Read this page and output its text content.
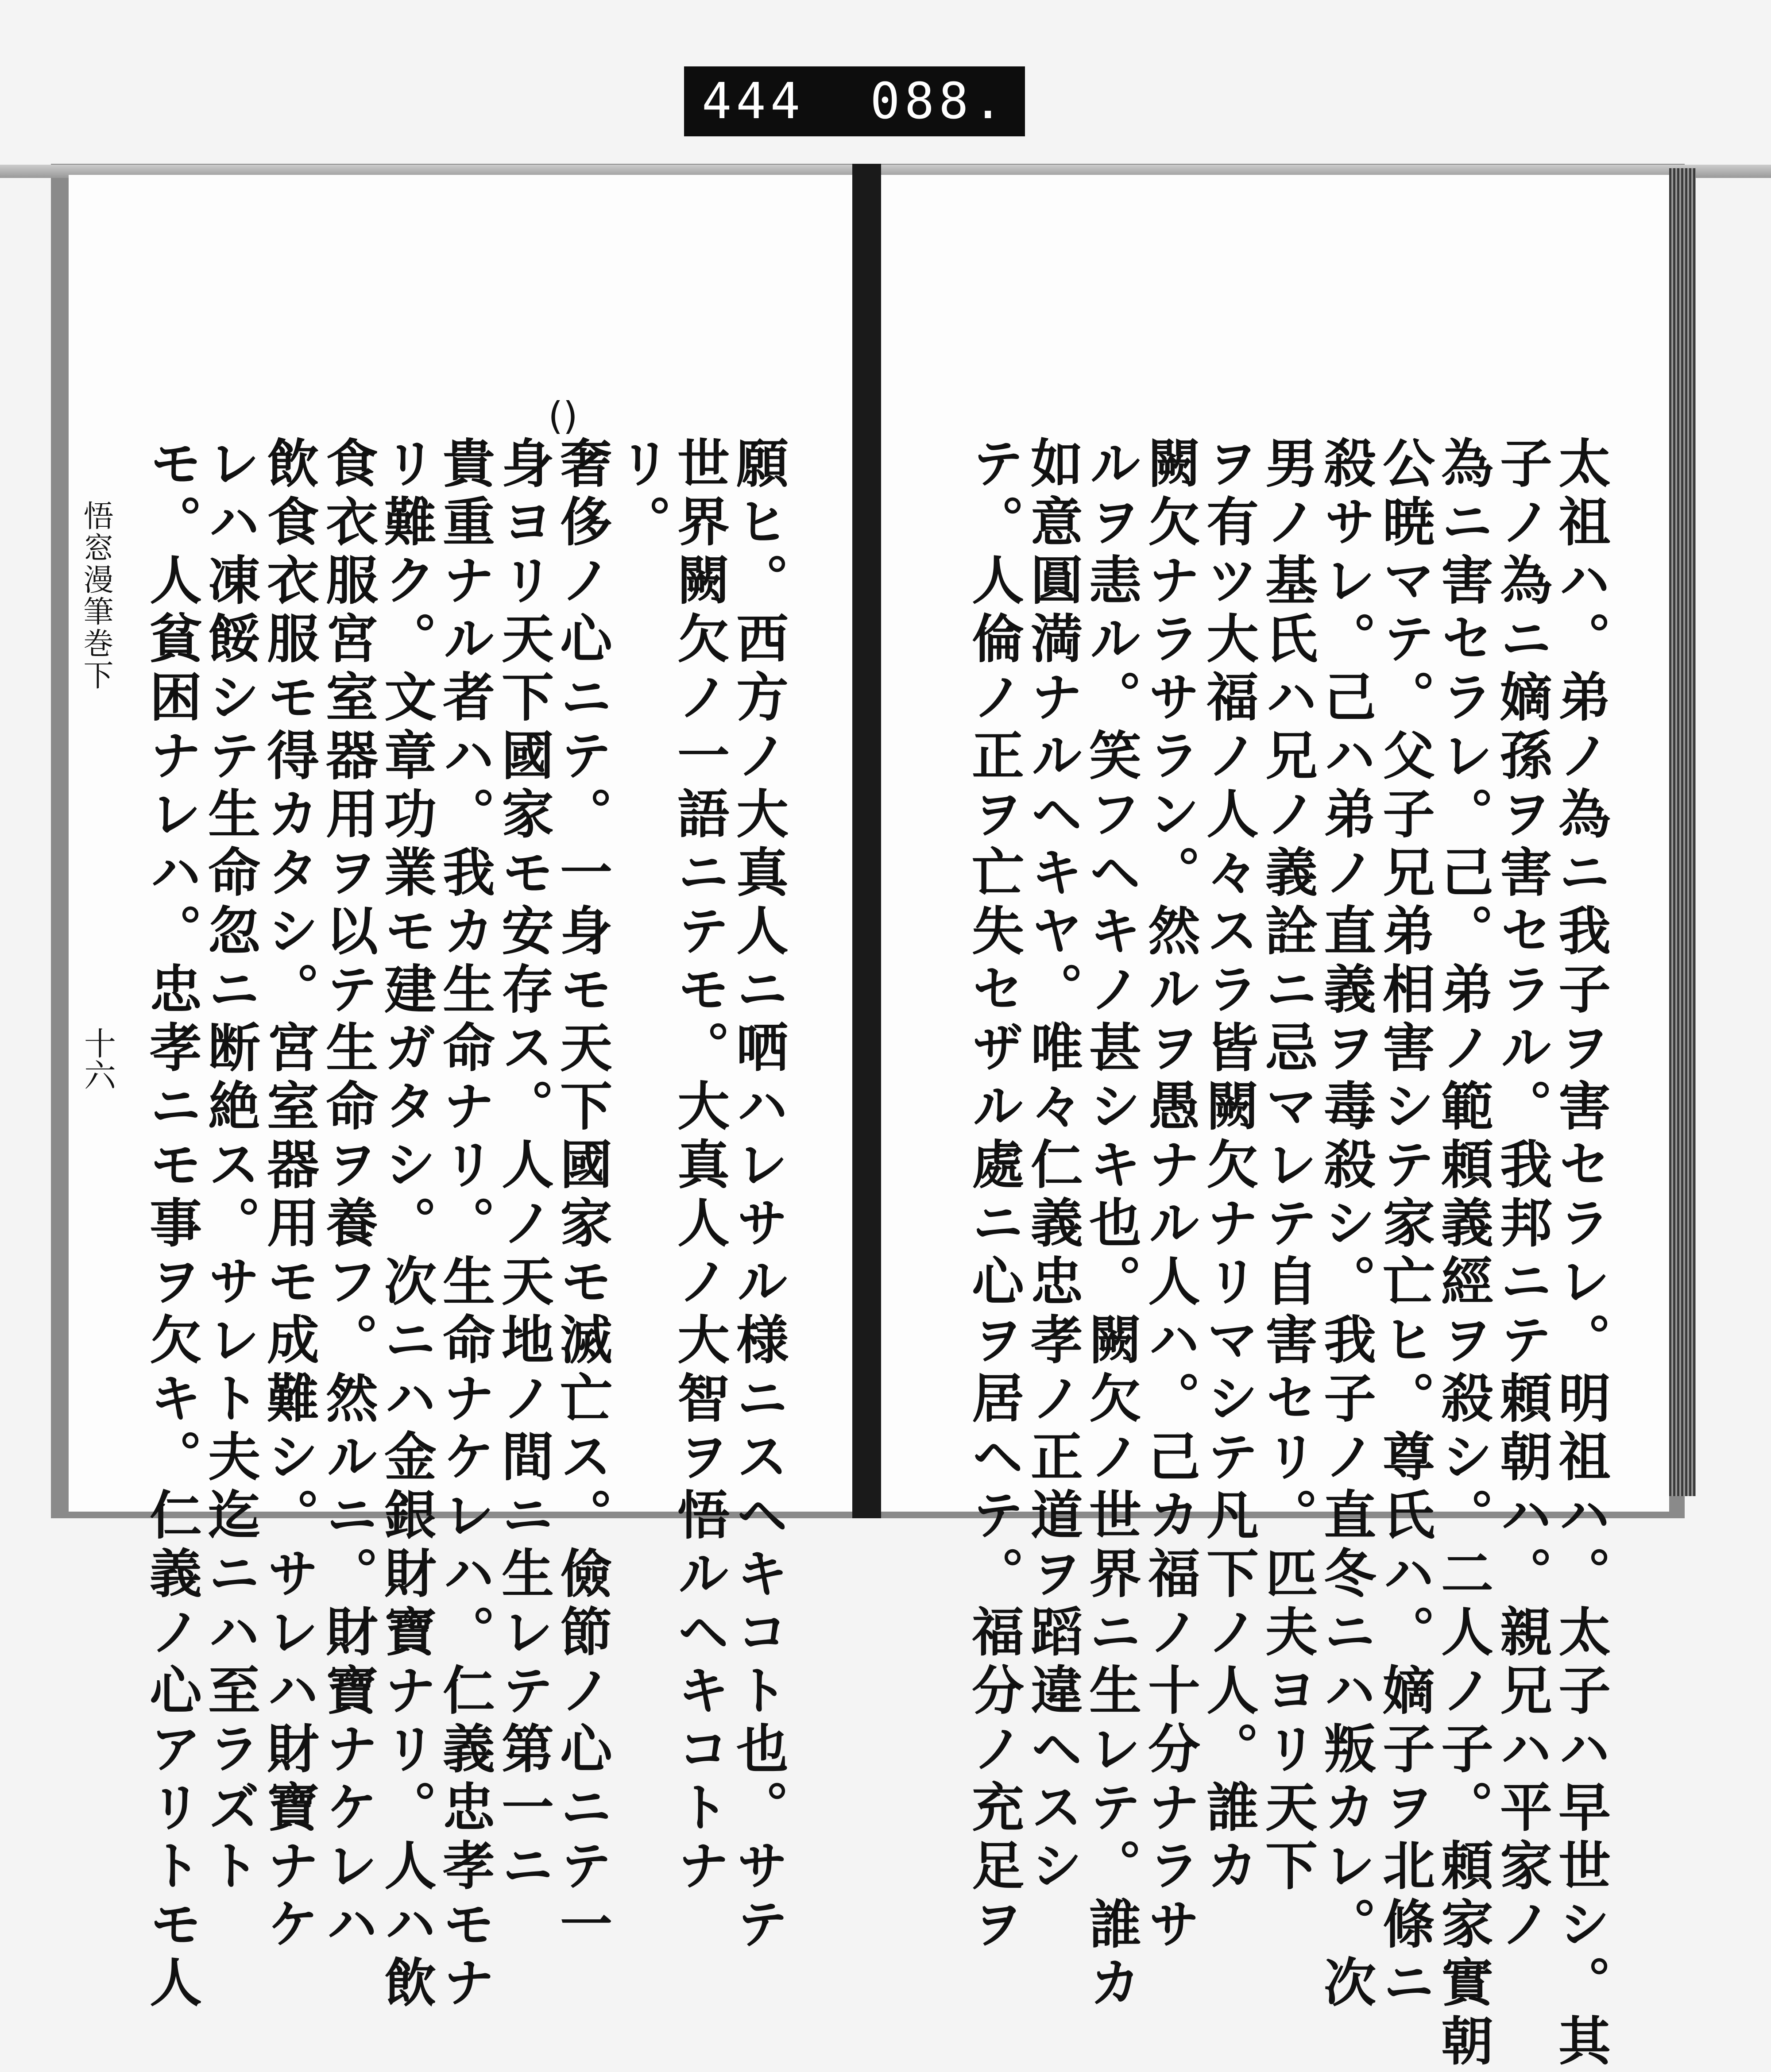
444 088.
悟窓漫筆巻下
十六
()
願ヒ。西方ノ大真人ニ哂ハレサル様ニスヘキコト也。サテ
世界闕欠ノ一語ニテモ。大真人ノ大智ヲ悟ルヘキコトナ
リ。
奢侈ノ心ニテ。一身モ天下國家モ滅亡ス。儉節ノ心ニテ一
身ヨリ天下國家モ安存ス。人ノ天地ノ間ニ生レテ第一ニ
貴重ナル者ハ。我カ生命ナリ。生命ナケレハ。仁義忠孝モナ
リ難ク。文章功業モ建ガタシ。次ニハ金銀財寶ナリ。人ハ飲
食衣服宮室器用ヲ以テ生命ヲ養フ。然ルニ。財寶ナケレハ
飲食衣服モ得カタシ。宮室器用モ成難シ。サレハ財寶ナケ
レハ凍餒シテ生命忽ニ断絶ス。サレト夫迄ニハ至ラズト
モ。人貧困ナレハ。忠孝ニモ事ヲ欠キ。仁義ノ心アリトモ人	太祖ハ。弟ノ為ニ我子ヲ害セラレ。明祖ハ。太子ハ早世シ。其
子ノ為ニ嫡孫ヲ害セラル。我邦ニテ頼朝ハ。親兄ハ平家ノ
為ニ害セラレ。己。弟ノ範頼義經ヲ殺シ。二人ノ子。頼家實朝
公暁マテ。父子兄弟相害シテ家亡ヒ。尊氏ハ。嫡子ヲ北條ニ
殺サレ。己ハ弟ノ直義ヲ毒殺シ。我子ノ直冬ニハ叛カレ。次
男ノ基氏ハ兄ノ義詮ニ忌マレテ自害セリ。匹夫ヨリ天下
ヲ有ツ大福ノ人々スラ皆闕欠ナリマシテ凡下ノ人。誰カ
闕欠ナラサラン。然ルヲ愚ナル人ハ。己カ福ノ十分ナラサ
ルヲ恚ル。笑フヘキノ甚シキ也。闕欠ノ世界ニ生レテ。誰カ
如意圓満ナルヘキヤ。唯々仁義忠孝ノ正道ヲ蹈違ヘスシ
テ。人倫ノ正ヲ亡失セザル處ニ心ヲ居ヘテ。福分ノ充足ヲ
